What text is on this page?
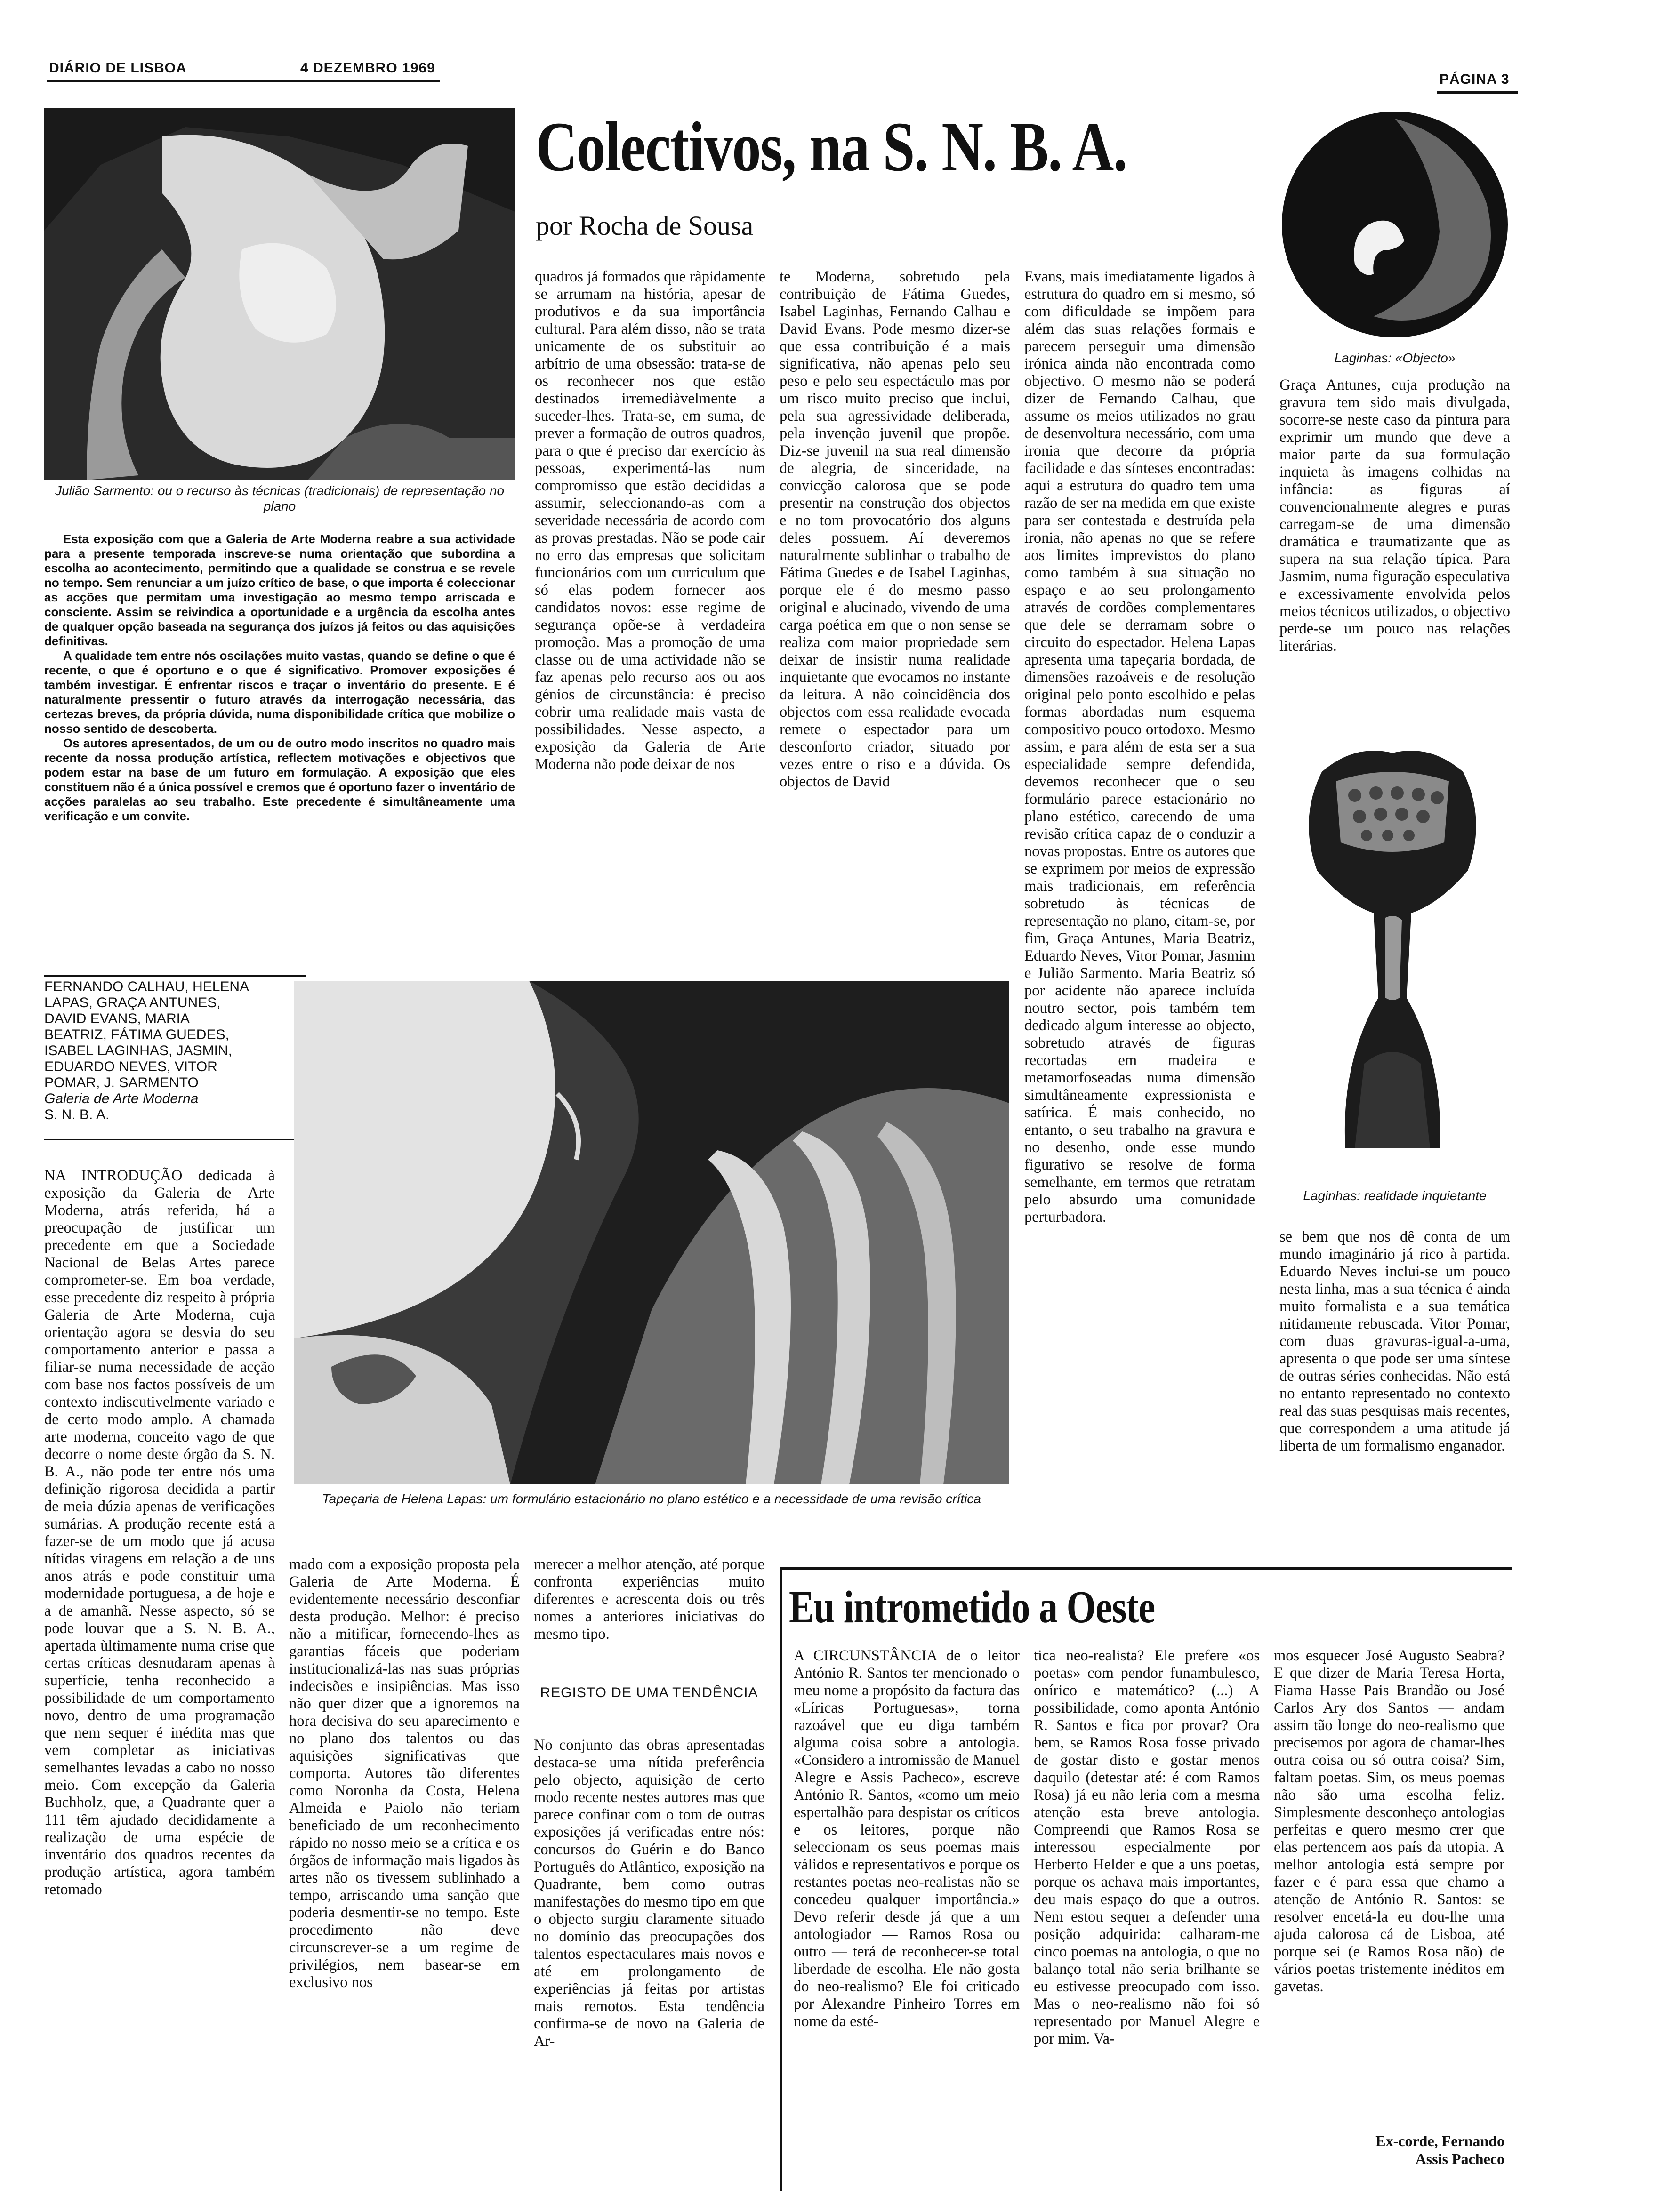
DIÁRIO DE LISBOA	4 DEZEMBRO 1969
PÁGINA 3
Julião Sarmento: ou o recurso às técnicas (tradicionais) de representação no plano
Colectivos, na S. N. B. A.
por Rocha de Sousa

Esta exposição com que a Galeria de Arte Moderna reabre a sua actividade para a presente temporada inscreve-se numa orientação que subordina a escolha ao acontecimento, permitindo que a qualidade se construa e se revele no tempo. Sem renunciar a um juízo crítico de base, o que importa é coleccionar as acções que permitam uma investigação ao mesmo tempo arriscada e consciente. Assim se reivindica a oportunidade e a urgência da escolha antes de qualquer opção baseada na segurança dos juízos já feitos ou das aquisições definitivas.

A qualidade tem entre nós oscilações muito vastas, quando se define o que é recente, o que é oportuno e o que é significativo. Promover exposições é também investigar. É enfrentar riscos e traçar o inventário do presente. E é naturalmente pressentir o futuro através da interrogação necessária, das certezas breves, da própria dúvida, numa disponibilidade crítica que mobilize o nosso sentido de descoberta.

Os autores apresentados, de um ou de outro modo inscritos no quadro mais recente da nossa produção artística, reflectem motivações e objectivos que podem estar na base de um futuro em formulação. A exposição que eles constituem não é a única possível e cremos que é oportuno fazer o inventário de acções paralelas ao seu trabalho. Este precedente é simultâneamente uma verificação e um convite.

FERNANDO CALHAU, HELENA
LAPAS, GRAÇA ANTUNES,
DAVID EVANS, MARIA
BEATRIZ, FÁTIMA GUEDES,
ISABEL LAGINHAS, JASMIN,
EDUARDO NEVES, VITOR
POMAR, J. SARMENTO
Galeria de Arte Moderna
S. N. B. A.
NA INTRODUÇÃO dedicada à exposição da Galeria de Arte Moderna, atrás referida, há a preocupação de justificar um precedente em que a Sociedade Nacional de Belas Artes parece comprometer-se. Em boa verdade, esse precedente diz respeito à própria Galeria de Arte Moderna, cuja orientação agora se desvia do seu comportamento anterior e passa a filiar-se numa necessidade de acção com base nos factos possíveis de um contexto indiscutivelmente variado e de certo modo amplo. A chamada arte moderna, conceito vago de que decorre o nome deste órgão da S. N. B. A., não pode ter entre nós uma definição rigorosa decidida a partir de meia dúzia apenas de verificações sumárias. A produção recente está a fazer-se de um modo que já acusa nítidas viragens em relação a de uns anos atrás e pode constituir uma modernidade portuguesa, a de hoje e a de amanhã. Nesse aspecto, só se pode louvar que a S. N. B. A., apertada ùltimamente numa crise que certas críticas desnudaram apenas à superfície, tenha reconhecido a possibilidade de um comportamento novo, dentro de uma programação que nem sequer é inédita mas que vem completar as iniciativas semelhantes levadas a cabo no nosso meio. Com excepção da Galeria Buchholz, que, a Quadrante quer a 111 têm ajudado decididamente a realização de uma espécie de inventário dos quadros recentes da produção artística, agora também retomado
quadros já formados que ràpidamente se arrumam na história, apesar de produtivos e da sua importância cultural. Para além disso, não se trata unicamente de os substituir ao arbítrio de uma obsessão: trata-se de os reconhecer nos que estão destinados irremediàvelmente a suceder-lhes. Trata-se, em suma, de prever a formação de outros quadros, para o que é preciso dar exercício às pessoas, experimentá-las num compromisso que estão decididas a assumir, seleccionando-as com a severidade necessária de acordo com as provas prestadas. Não se pode cair no erro das empresas que solicitam funcionários com um curriculum que só elas podem fornecer aos candidatos novos: esse regime de segurança opõe-se à verdadeira promoção. Mas a promoção de uma classe ou de uma actividade não se faz apenas pelo recurso aos ou aos génios de circunstância: é preciso cobrir uma realidade mais vasta de possibilidades. Nesse aspecto, a exposição da Galeria de Arte Moderna não pode deixar de nos
te Moderna, sobretudo pela contribuição de Fátima Guedes, Isabel Laginhas, Fernando Calhau e David Evans. Pode mesmo dizer-se que essa contribuição é a mais significativa, não apenas pelo seu peso e pelo seu espectáculo mas por um risco muito preciso que inclui, pela sua agressividade deliberada, pela invenção juvenil que propõe. Diz-se juvenil na sua real dimensão de alegria, de sinceridade, na convicção calorosa que se pode presentir na construção dos objectos e no tom provocatório dos alguns deles possuem. Aí deveremos naturalmente sublinhar o trabalho de Fátima Guedes e de Isabel Laginhas, porque ele é do mesmo passo original e alucinado, vivendo de uma carga poética em que o non sense se realiza com maior propriedade sem deixar de insistir numa realidade inquietante que evocamos no instante da leitura. A não coincidência dos objectos com essa realidade evocada remete o espectador para um desconforto criador, situado por vezes entre o riso e a dúvida. Os objectos de David
Evans, mais imediatamente ligados à estrutura do quadro em si mesmo, só com dificuldade se impõem para além das suas relações formais e parecem perseguir uma dimensão irónica ainda não encontrada como objectivo. O mesmo não se poderá dizer de Fernando Calhau, que assume os meios utilizados no grau de desenvoltura necessário, com uma ironia que decorre da própria facilidade e das sínteses encontradas: aqui a estrutura do quadro tem uma razão de ser na medida em que existe para ser contestada e destruída pela ironia, não apenas no que se refere aos limites imprevistos do plano como também à sua situação no espaço e ao seu prolongamento através de cordões complementares que dele se derramam sobre o circuito do espectador. Helena Lapas apresenta uma tapeçaria bordada, de dimensões razoáveis e de resolução original pelo ponto escolhido e pelas formas abordadas num esquema compositivo pouco ortodoxo. Mesmo assim, e para além de esta ser a sua especialidade sempre defendida, devemos reconhecer que o seu formulário parece estacionário no plano estético, carecendo de uma revisão crítica capaz de o conduzir a novas propostas. Entre os autores que se exprimem por meios de expressão mais tradicionais, em referência sobretudo às técnicas de representação no plano, citam-se, por fim, Graça Antunes, Maria Beatriz, Eduardo Neves, Vitor Pomar, Jasmim e Julião Sarmento. Maria Beatriz só por acidente não aparece incluída noutro sector, pois também tem dedicado algum interesse ao objecto, sobretudo através de figuras recortadas em madeira e metamorfoseadas numa dimensão simultâneamente expressionista e satírica. É mais conhecido, no entanto, o seu trabalho na gravura e no desenho, onde esse mundo figurativo se resolve de forma semelhante, em termos que retratam pelo absurdo uma comunidade perturbadora.
Laginhas: «Objecto»
Graça Antunes, cuja produção na gravura tem sido mais divulgada, socorre-se neste caso da pintura para exprimir um mundo que deve a maior parte da sua formulação inquieta às imagens colhidas na infância: as figuras aí convencionalmente alegres e puras carregam-se de uma dimensão dramática e traumatizante que as supera na sua relação típica. Para Jasmim, numa figuração especulativa e excessivamente envolvida pelos meios técnicos utilizados, o objectivo perde-se um pouco nas relações literárias.
Laginhas: realidade inquietante
se bem que nos dê conta de um mundo imaginário já rico à partida. Eduardo Neves inclui-se um pouco nesta linha, mas a sua técnica é ainda muito formalista e a sua temática nitidamente rebuscada. Vitor Pomar, com duas gravuras-igual-a-uma, apresenta o que pode ser uma síntese de outras séries conhecidas. Não está no entanto representado no contexto real das suas pesquisas mais recentes, que correspondem a uma atitude já liberta de um formalismo enganador.
Tapeçaria de Helena Lapas: um formulário estacionário no plano estético e a necessidade de uma revisão crítica
mado com a exposição proposta pela Galeria de Arte Moderna. É evidentemente necessário desconfiar desta produção. Melhor: é preciso não a mitificar, fornecendo-lhes as garantias fáceis que poderiam institucionalizá-las nas suas próprias indecisões e insipiências. Mas isso não quer dizer que a ignoremos na hora decisiva do seu aparecimento e no plano dos talentos ou das aquisições significativas que comporta. Autores tão diferentes como Noronha da Costa, Helena Almeida e Paiolo não teriam beneficiado de um reconhecimento rápido no nosso meio se a crítica e os órgãos de informação mais ligados às artes não os tivessem sublinhado a tempo, arriscando uma sanção que poderia desmentir-se no tempo. Este procedimento não deve circunscrever-se a um regime de privilégios, nem basear-se em exclusivo nos
merecer a melhor atenção, até porque confronta experiências muito diferentes e acrescenta dois ou três nomes a anteriores iniciativas do mesmo tipo.
REGISTO DE UMA TENDÊNCIA
No conjunto das obras apresentadas destaca-se uma nítida preferência pelo objecto, aquisição de certo modo recente nestes autores mas que parece confinar com o tom de outras exposições já verificadas entre nós: concursos do Guérin e do Banco Português do Atlântico, exposição na Quadrante, bem como outras manifestações do mesmo tipo em que o objecto surgiu claramente situado no domínio das preocupações dos talentos espectaculares mais novos e até em prolongamento de experiências já feitas por artistas mais remotos. Esta tendência confirma-se de novo na Galeria de Ar-
Eu intrometido a Oeste
A CIRCUNSTÂNCIA de o leitor António R. Santos ter mencionado o meu nome a propósito da factura das «Líricas Portuguesas», torna razoável que eu diga também alguma coisa sobre a antologia. «Considero a intromissão de Manuel Alegre e Assis Pacheco», escreve António R. Santos, «como um meio espertalhão para despistar os críticos e os leitores, porque não seleccionam os seus poemas mais válidos e representativos e porque os restantes poetas neo-realistas não se concedeu qualquer importância.» Devo referir desde já que a um antologiador — Ramos Rosa ou outro — terá de reconhecer-se total liberdade de escolha. Ele não gosta do neo-realismo? Ele foi criticado por Alexandre Pinheiro Torres em nome da esté-
tica neo-realista? Ele prefere «os poetas» com pendor funambulesco, onírico e matemático? (...) A possibilidade, como aponta António R. Santos e fica por provar? Ora bem, se Ramos Rosa fosse privado de gostar disto e gostar menos daquilo (detestar até: é com Ramos Rosa) já eu não leria com a mesma atenção esta breve antologia. Compreendi que Ramos Rosa se interessou especialmente por Herberto Helder e que a uns poetas, porque os achava mais importantes, deu mais espaço do que a outros. Nem estou sequer a defender uma posição adquirida: calharam-me cinco poemas na antologia, o que no balanço total não seria brilhante se eu estivesse preocupado com isso. Mas o neo-realismo não foi só representado por Manuel Alegre e por mim. Va-
mos esquecer José Augusto Seabra? E que dizer de Maria Teresa Horta, Fiama Hasse Pais Brandão ou José Carlos Ary dos Santos — andam assim tão longe do neo-realismo que precisemos por agora de chamar-lhes outra coisa ou só outra coisa? Sim, faltam poetas. Sim, os meus poemas não são uma escolha feliz. Simplesmente desconheço antologias perfeitas e quero mesmo crer que elas pertencem aos país da utopia. A melhor antologia está sempre por fazer e é para essa que chamo a atenção de António R. Santos: se resolver encetá-la eu dou-lhe uma ajuda calorosa cá de Lisboa, até porque sei (e Ramos Rosa não) de vários poetas tristemente inéditos em gavetas.
Ex-corde, Fernando
Assis Pacheco
